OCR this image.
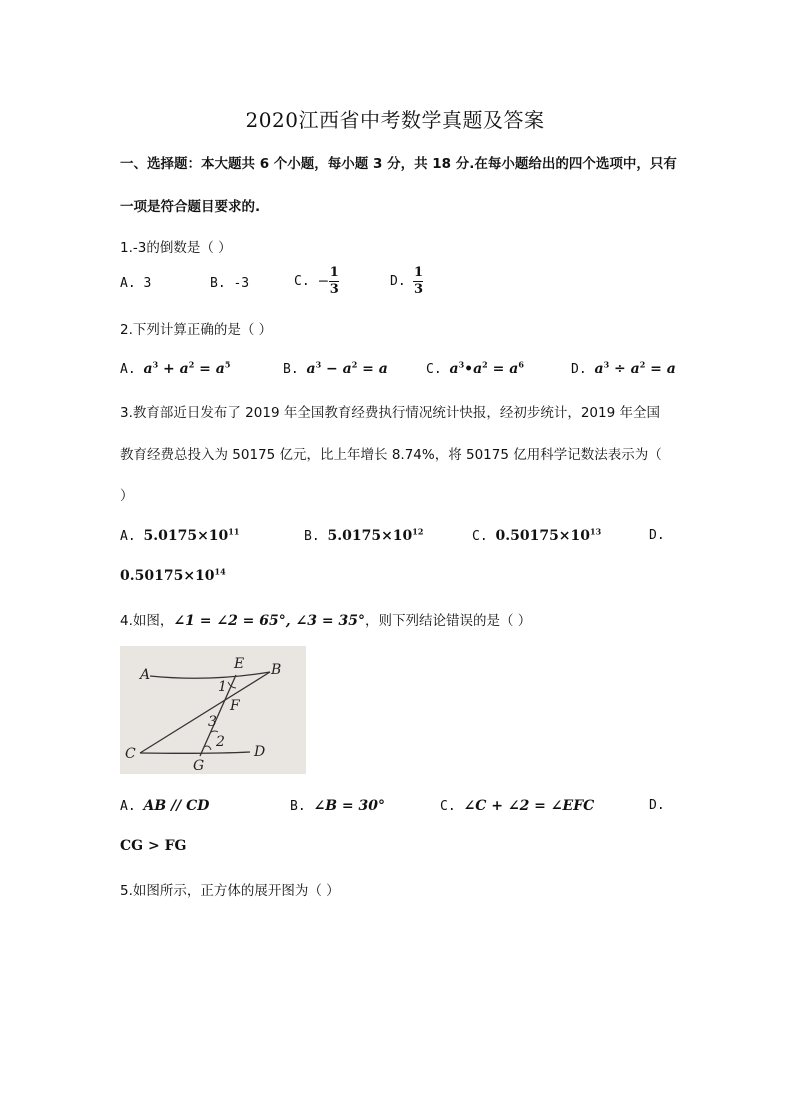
2020江西省中考数学真题及答案
一、选择题：本大题共 6 个小题，每小题 3 分，共 18 分.在每小题给出的四个选项中，只有
一项是符合题目要求的.
1.-3的倒数是（ ）
A. 3	B. -3	C. − $\frac{1}{3}$	D. $\frac{1}{3}$
2.下列计算正确的是（ ）
A. $a^3 + a^2 = a^5$	B. $a^3 - a^2 = a$	C. $a^3•a^2 = a^6$	D. $a^3 \div a^2 = a$
3.教育部近日发布了 2019 年全国教育经费执行情况统计快报，经初步统计，2019 年全国
教育经费总投入为 50175 亿元，比上年增长 8.74%，将 50175 亿用科学记数法表示为（
）
A. $5.0175\times 10^{11}$	B. $5.0175\times 10^{12}$	C. $0.50175\times 10^{13}$	D.
$0.50175\times 10^{14}$
4.如图，∠1 = ∠2 = 65°, ∠3 = 35°，则下列结论错误的是（ ）
A
E B
1
F
3
2
C	D
G
A. AB // CD	B. ∠B = 30°	C. ∠C + ∠2 = ∠EFC	D.
CG > FG
5.如图所示，正方体的展开图为（ ）
